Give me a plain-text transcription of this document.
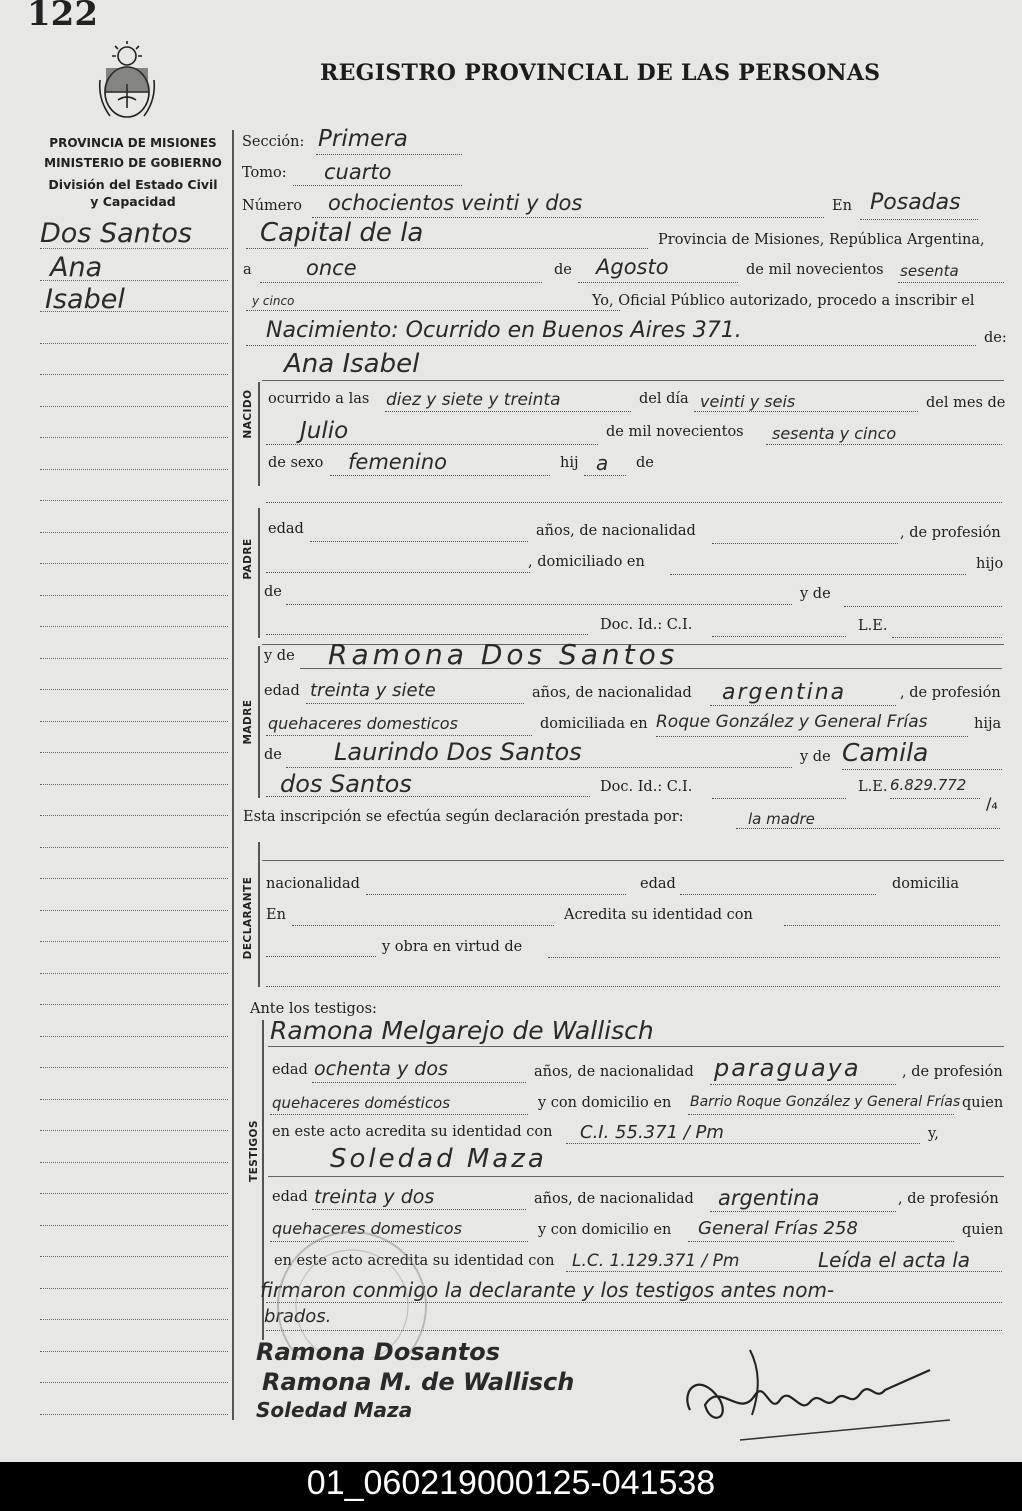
122
REGISTRO PROVINCIAL DE LAS PERSONAS
PROVINCIA DE MISIONES
MINISTERIO DE GOBIERNO
División del Estado Civil
y Capacidad
Dos Santos
Ana
Isabel
Sección: Primera
Tomo: cuarto
Número ochocientos veinti y dos	En Posadas
Capital de la	Provincia de Misiones, República Argentina,
a	once	de Agosto	de mil novecientos sesenta
y cinco	Yo, Oficial Público autorizado, procedo a inscribir el
Nacimiento: Ocurrido en Buenos Aires 371.	de:
Ana Isabel
NACIDO ocurrido a las diez y siete y treinta	del día veinti y seis	del mes de
Julio	de mil novecientos sesenta y cinco
de sexo femenino	hij a de
PADRE
edad	años, de nacionalidad	, de profesión
, domiciliado en	hijo
de	y de
Doc. Id.: C.I.	L.E.
MADRE
y de Ramona Dos Santos
edad treinta y siete	años, de nacionalidad argentina	, de profesión
quehaceres domesticos	domiciliada en Roque González y General Frías	hija
de Laurindo Dos Santos	y de Camila
dos Santos	Doc. Id.: C.I.	L.E. 6.829.772
Esta inscripción se efectúa según declaración prestada por:	la madre
DECLARANTE nacionalidad	edad	domicilia
En	Acredita su identidad con
y obra en virtud de
Ante los testigos:
TESTIGOS
Ramona Melgarejo de Wallisch
edad ochenta y dos	años, de nacionalidad paraguaya	, de profesión
quehaceres domésticos	y con domicilio en Barrio Roque González y General Frías quien
en este acto acredita su identidad con C.I. 55.371 / Pm	y,
Soledad Maza
edad treinta y dos	años, de nacionalidad argentina	, de profesión
quehaceres domesticos	y con domicilio en General Frías 258	quien
en este acto acredita su identidad con L.C. 1.129.371 / Pm	Leída el acta la
firmaron conmigo la declarante y los testigos antes nom-
brados.
Ramona Dosantos
Ramona M. de Wallisch
Soledad Maza
/₄
01_060219000125-041538
